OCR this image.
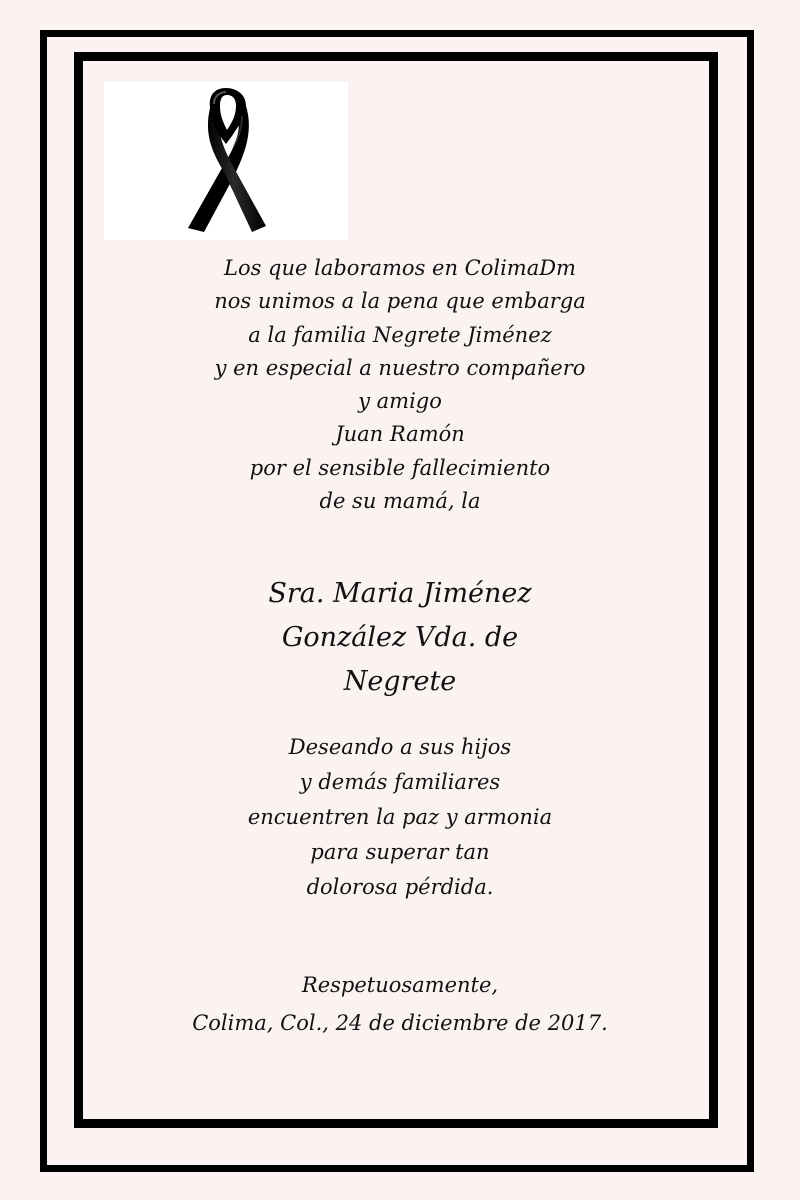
Los que laboramos en ColimaDm
nos unimos a la pena que embarga
a la familia Negrete Jiménez
y en especial a nuestro compañero
y amigo
Juan Ramón
por el sensible fallecimiento
de su mamá, la
Sra. Maria Jiménez
González Vda. de
Negrete
Deseando a sus hijos
y demás familiares
encuentren la paz y armonia
para superar tan
dolorosa pérdida.
Respetuosamente,
Colima, Col., 24 de diciembre de 2017.
